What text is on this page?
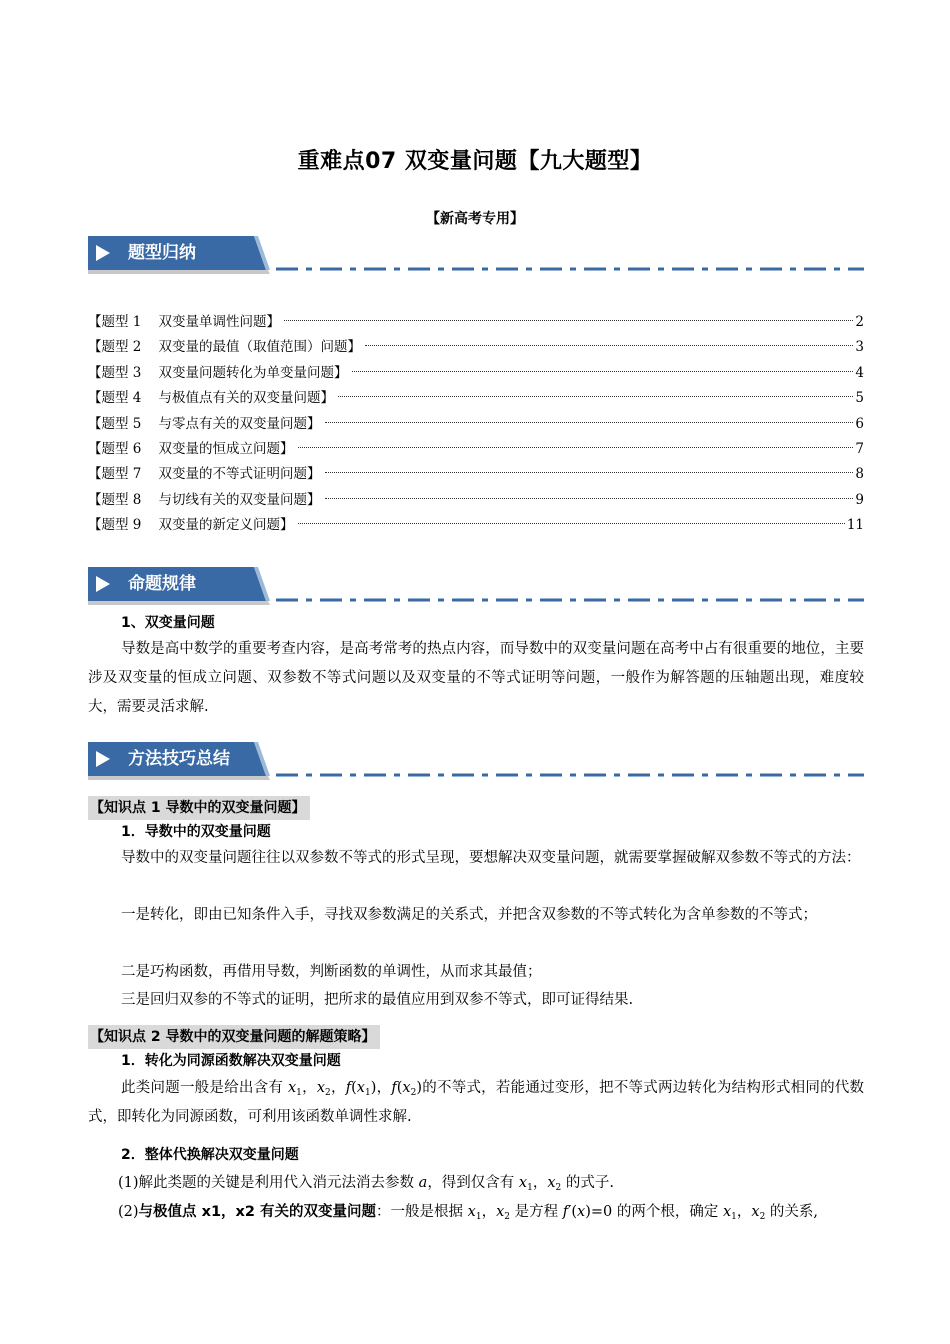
重难点07 双变量问题【九大题型】
【新高考专用】
题型归纳
【题型 1    双变量单调性问题】	2
【题型 2    双变量的最值（取值范围）问题】	3
【题型 3    双变量问题转化为单变量问题】	4
【题型 4    与极值点有关的双变量问题】	5
【题型 5    与零点有关的双变量问题】	6
【题型 6    双变量的恒成立问题】	7
【题型 7    双变量的不等式证明问题】	8
【题型 8    与切线有关的双变量问题】	9
【题型 9    双变量的新定义问题】	11
命题规律
1、双变量问题
导数是高中数学的重要考查内容，是高考常考的热点内容，而导数中的双变量问题在高考中占有很重要的地位，主要涉及双变量的恒成立问题、双参数不等式问题以及双变量的不等式证明等问题，一般作为解答题的压轴题出现，难度较大，需要灵活求解.
方法技巧总结
【知识点 1 导数中的双变量问题】
1．导数中的双变量问题
导数中的双变量问题往往以双参数不等式的形式呈现，要想解决双变量问题，就需要掌握破解双参数不等式的方法：
一是转化，即由已知条件入手，寻找双参数满足的关系式，并把含双参数的不等式转化为含单参数的不等式；
二是巧构函数，再借用导数，判断函数的单调性，从而求其最值；
三是回归双参的不等式的证明，把所求的最值应用到双参不等式，即可证得结果.
【知识点 2 导数中的双变量问题的解题策略】
1．转化为同源函数解决双变量问题
此类问题一般是给出含有 $x_1$，$x_2$，$f(x_1)$，$f(x_2)$的不等式，若能通过变形，把不等式两边转化为结构形式相同的代数式，即转化为同源函数，可利用该函数单调性求解.
2．整体代换解决双变量问题
(1)解此类题的关键是利用代入消元法消去参数 a，得到仅含有 $x_1$，$x_2$ 的式子.
(2)与极值点 x1，x2 有关的双变量问题：一般是根据 $x_1$，$x_2$ 是方程 f′(x)=0 的两个根，确定 $x_1$，$x_2$ 的关系,
